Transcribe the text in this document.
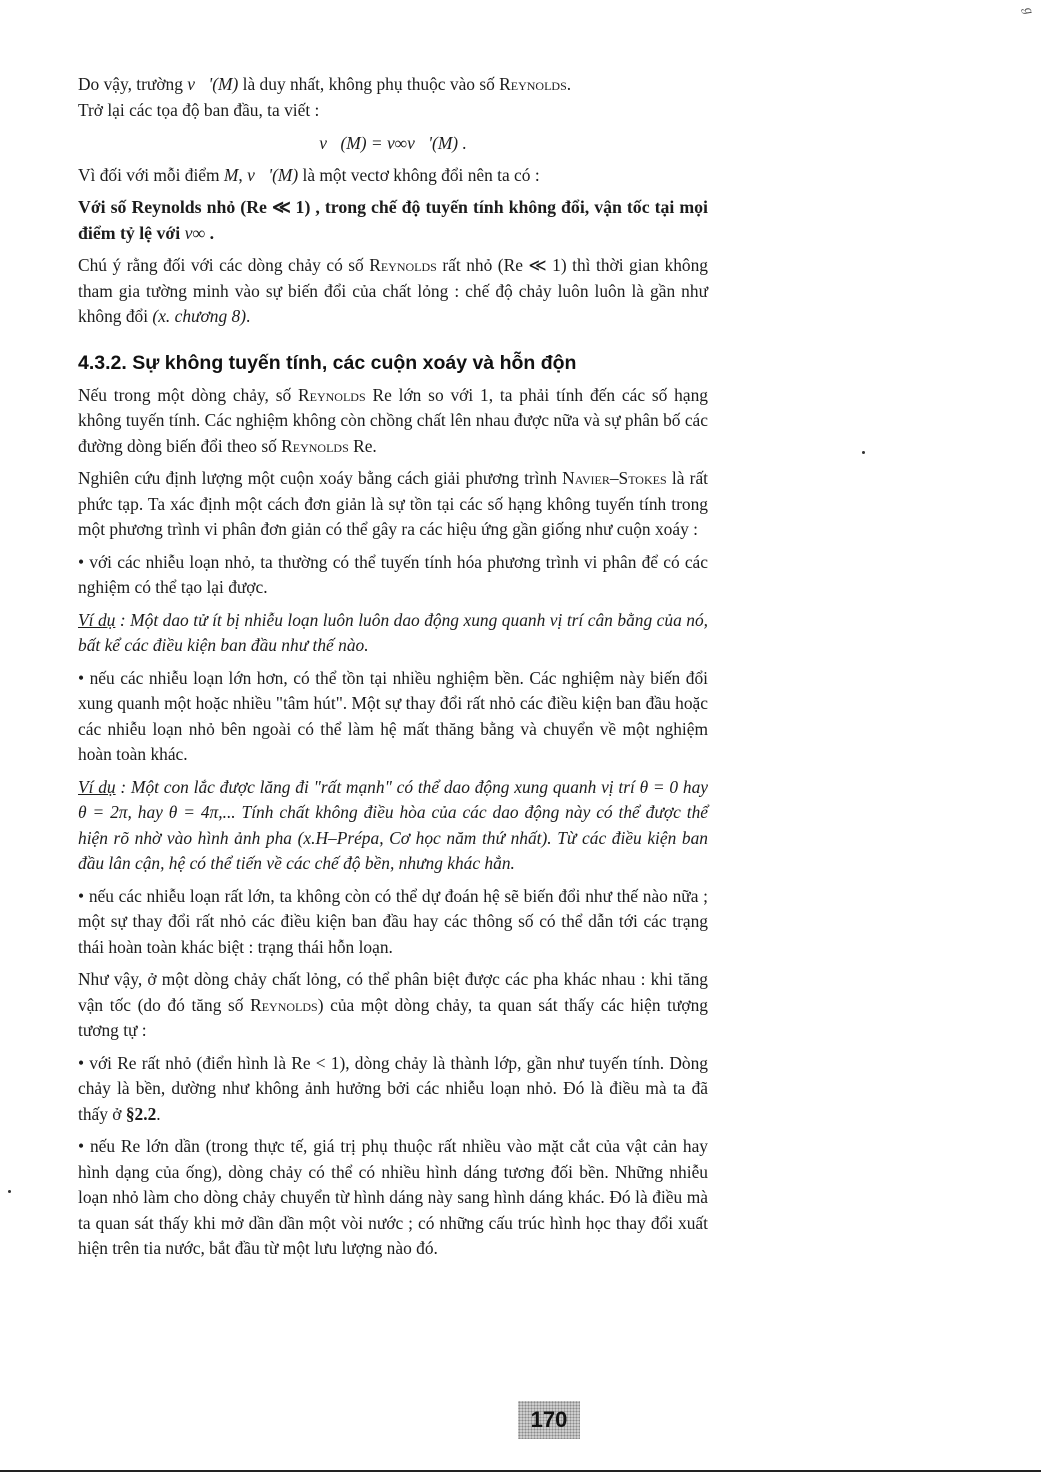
ℊ

Do vậy, trường v⃗'(M) là duy nhất, không phụ thuộc vào số Reynolds.

Trở lại các tọa độ ban đầu, ta viết :

v⃗(M) = v∞v⃗'(M) .

Vì đối với mỗi điểm M, v⃗'(M) là một vectơ không đổi nên ta có :

Với số Reynolds nhỏ (Re ≪ 1) , trong chế độ tuyến tính không đổi, vận tốc tại mọi điểm tỷ lệ với v∞ .

Chú ý rằng đối với các dòng chảy có số Reynolds rất nhỏ (Re ≪ 1) thì thời gian không tham gia tường minh vào sự biến đổi của chất lỏng : chế độ chảy luôn luôn là gần như không đổi (x. chương 8).

4.3.2. Sự không tuyến tính, các cuộn xoáy và hỗn độn

Nếu trong một dòng chảy, số Reynolds Re lớn so với 1, ta phải tính đến các số hạng không tuyến tính. Các nghiệm không còn chồng chất lên nhau được nữa và sự phân bố các đường dòng biến đổi theo số Reynolds Re.

Nghiên cứu định lượng một cuộn xoáy bằng cách giải phương trình Navier–Stokes là rất phức tạp. Ta xác định một cách đơn giản là sự tồn tại các số hạng không tuyến tính trong một phương trình vi phân đơn giản có thể gây ra các hiệu ứng gần giống như cuộn xoáy :

• với các nhiễu loạn nhỏ, ta thường có thể tuyến tính hóa phương trình vi phân để có các nghiệm có thể tạo lại được.

Ví dụ : Một dao tử ít bị nhiễu loạn luôn luôn dao động xung quanh vị trí cân bằng của nó, bất kể các điều kiện ban đầu như thế nào.

• nếu các nhiễu loạn lớn hơn, có thể tồn tại nhiều nghiệm bền. Các nghiệm này biến đổi xung quanh một hoặc nhiều "tâm hút". Một sự thay đổi rất nhỏ các điều kiện ban đầu hoặc các nhiễu loạn nhỏ bên ngoài có thể làm hệ mất thăng bằng và chuyển về một nghiệm hoàn toàn khác.

Ví dụ : Một con lắc được lăng đi "rất mạnh" có thể dao động xung quanh vị trí θ = 0 hay θ = 2π, hay θ = 4π,... Tính chất không điều hòa của các dao động này có thể được thể hiện rõ nhờ vào hình ảnh pha (x.H–Prépa, Cơ học năm thứ nhất). Từ các điều kiện ban đầu lân cận, hệ có thể tiến về các chế độ bền, nhưng khác hẳn.

• nếu các nhiễu loạn rất lớn, ta không còn có thể dự đoán hệ sẽ biến đổi như thế nào nữa ; một sự thay đổi rất nhỏ các điều kiện ban đầu hay các thông số có thể dẫn tới các trạng thái hoàn toàn khác biệt : trạng thái hỗn loạn.

Như vậy, ở một dòng chảy chất lỏng, có thể phân biệt được các pha khác nhau : khi tăng vận tốc (do đó tăng số Reynolds) của một dòng chảy, ta quan sát thấy các hiện tượng tương tự :

• với Re rất nhỏ (điển hình là Re < 1), dòng chảy là thành lớp, gần như tuyến tính. Dòng chảy là bền, dường như không ảnh hưởng bởi các nhiễu loạn nhỏ. Đó là điều mà ta đã thấy ở §2.2.

• nếu Re lớn dần (trong thực tế, giá trị phụ thuộc rất nhiều vào mặt cắt của vật cản hay hình dạng của ống), dòng chảy có thể có nhiều hình dáng tương đối bền. Những nhiễu loạn nhỏ làm cho dòng chảy chuyển từ hình dáng này sang hình dáng khác. Đó là điều mà ta quan sát thấy khi mở dần dần một vòi nước ; có những cấu trúc hình học thay đổi xuất hiện trên tia nước, bắt đầu từ một lưu lượng nào đó.

170
